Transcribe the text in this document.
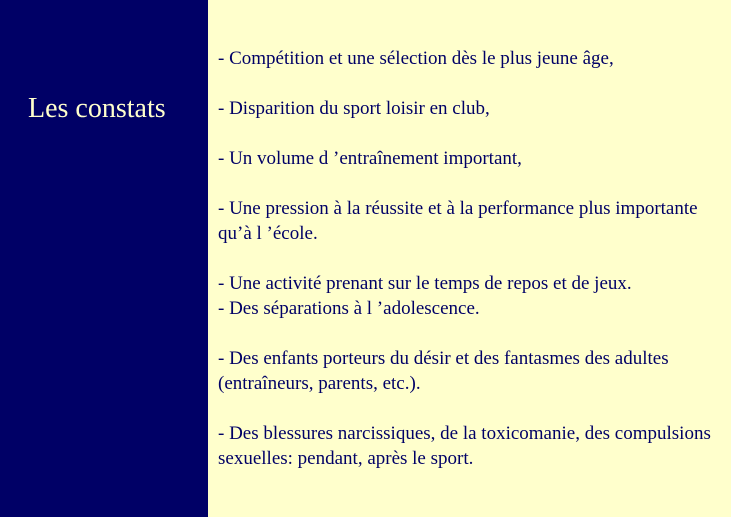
Les constats

- Compétition et une sélection dès le plus jeune âge,

- Disparition du sport loisir en club,

- Un volume d ’entraînement important,

- Une pression à la réussite et à la performance plus importante qu’à l ’école.

- Une activité prenant sur le temps de repos et de jeux.

- Des séparations à l ’adolescence.

- Des enfants porteurs du désir et des fantasmes des adultes (entraîneurs, parents, etc.).

- Des blessures narcissiques, de la toxicomanie, des compulsions sexuelles: pendant, après le sport.
